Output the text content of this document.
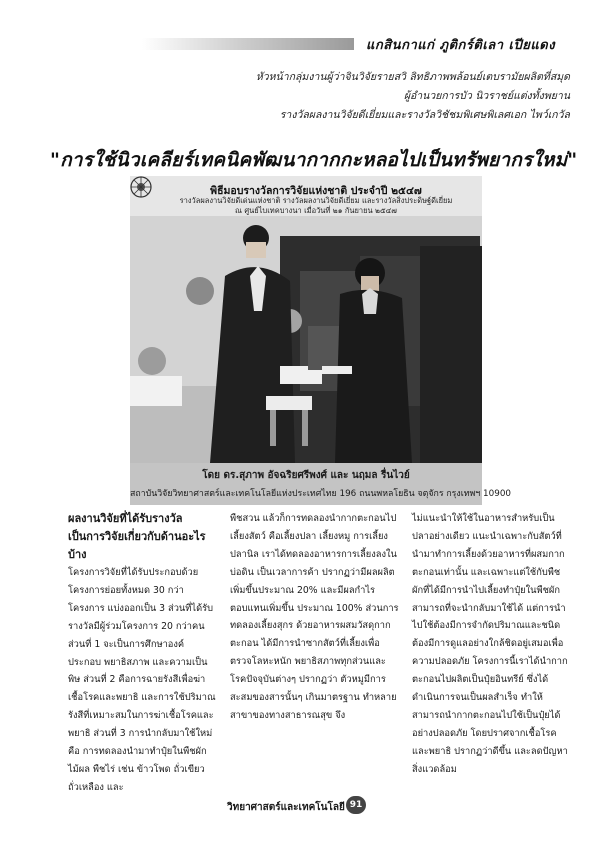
แกสินกาแก่ ภูติกร์ติเลา เปียแดง
หัวหน้ากลุ่มงานผู้ว่าจินวิจัยรายสวิ ลิทธิภาพพล้อนย์เตบรามัยผลิตที่สมุด
ผู้อำนวยการบัว นิวราชย์แต่งทั้งพยาน
รางวัลผลงานวิจัยดีเยี่ยมและรางวัลวิชัชมพิเศษพิเลศเอก ไพว์เกวัล
"การใช้นิวเคลียร์เทคนิคพัฒนากากกะหลอไปเป็นทรัพยากรใหม่"
พิธีมอบรางวัลการวิจัยแห่งชาติ ประจำปี ๒๕๔๗
รางวัลผลงานวิจัยดีเด่นแห่งชาติ รางวัลผลงานวิจัยดีเยี่ยม และรางวัลสิ่งประดิษฐ์ดีเยี่ยม
ณ ศูนย์ไบเทคบางนา เมื่อวันที่ ๒๑ กันยายน ๒๕๔๗
โดย ดร.สุภาพ อัจฉริยศรีพงศ์ และ นฤมล รื่นไวย์
สถาบันวิจัยวิทยาศาสตร์และเทคโนโลยีแห่งประเทศไทย 196 ถนนพหลโยธิน จตุจักร กรุงเทพฯ 10900
ผลงานวิจัยที่ได้รับรางวัลเป็นการวิจัยเกี่ยวกับด้านอะไรบ้าง

โครงการวิจัยที่ได้รับประกอบด้วยโครงการย่อยทั้งหมด 30 กว่าโครงการ แบ่งออกเป็น 3 ส่วนที่ได้รับรางวัลมีผู้ร่วมโครงการ 20 กว่าคน ส่วนที่ 1 จะเป็นการศึกษาองค์ประกอบ พยาธิสภาพ และความเป็นพิษ ส่วนที่ 2 คือการฉายรังสีเพื่อฆ่าเชื้อโรคและพยาธิ และการใช้ปริมาณรังสีที่เหมาะสมในการฆ่าเชื้อโรคและพยาธิ ส่วนที่ 3 การนำกลับมาใช้ใหม่ คือ การทดลองนำมาทำปุ๋ยในพืชผัก ไม้ผล พืชไร่ เช่น ข้าวโพด ถั่วเขียว ถั่วเหลือง และ

พืชสวน แล้วก็การทดลองนำกากตะกอนไปเลี้ยงสัตว์ คือเลี้ยงปลา เลี้ยงหมู การเลี้ยงปลานิล เราได้ทดลองอาหารการเลี้ยงลงในบ่อดิน เป็นเวลาการค้า ปรากฏว่ามีผลผลิตเพิ่มขึ้นประมาณ 20% และมีผลกำไรตอบแทนเพิ่มขึ้น ประมาณ 100% ส่วนการทดลองเลี้ยงสุกร ด้วยอาหารผสมวัสดุกากตะกอน ได้มีการนำซากสัตว์ที่เลี้ยงเพื่อตรวจโลหะหนัก พยาธิสภาพทุกส่วนและโรคปัจจุบันต่างๆ ปรากฏว่า ตัวหมูมีการสะสมของสารนั้นๆ เกินมาตรฐาน ทำหลายสาขาของทางสาธารณสุข จึง

ไม่แนะนำให้ใช้ในอาหารสำหรับเป็นปลาอย่างเดียว แนะนำเฉพาะกับสัตว์ที่นำมาทำการเลี้ยงด้วยอาหารที่ผสมกากตะกอนเท่านั้น และเฉพาะแต่ใช้กับพืช ผักที่ได้มีการนำไปเลี้ยงทำปุ๋ยในพืชผักสามารถที่จะนำกลับมาใช้ได้ แต่การนำไปใช้ต้องมีการจำกัดปริมาณและชนิด ต้องมีการดูแลอย่างใกล้ชิดอยู่เสมอเพื่อความปลอดภัย โครงการนี้เราได้นำกากตะกอนไปผลิตเป็นปุ๋ยอินทรีย์ ซึ่งได้ดำเนินการจนเป็นผลสำเร็จ ทำให้สามารถนำกากตะกอนไปใช้เป็นปุ๋ยได้อย่างปลอดภัย โดยปราศจากเชื้อโรคและพยาธิ ปรากฏว่าดีขึ้น และลดปัญหาสิ่งแวดล้อม

วิทยาศาสตร์และเทคโนโลยี 91
